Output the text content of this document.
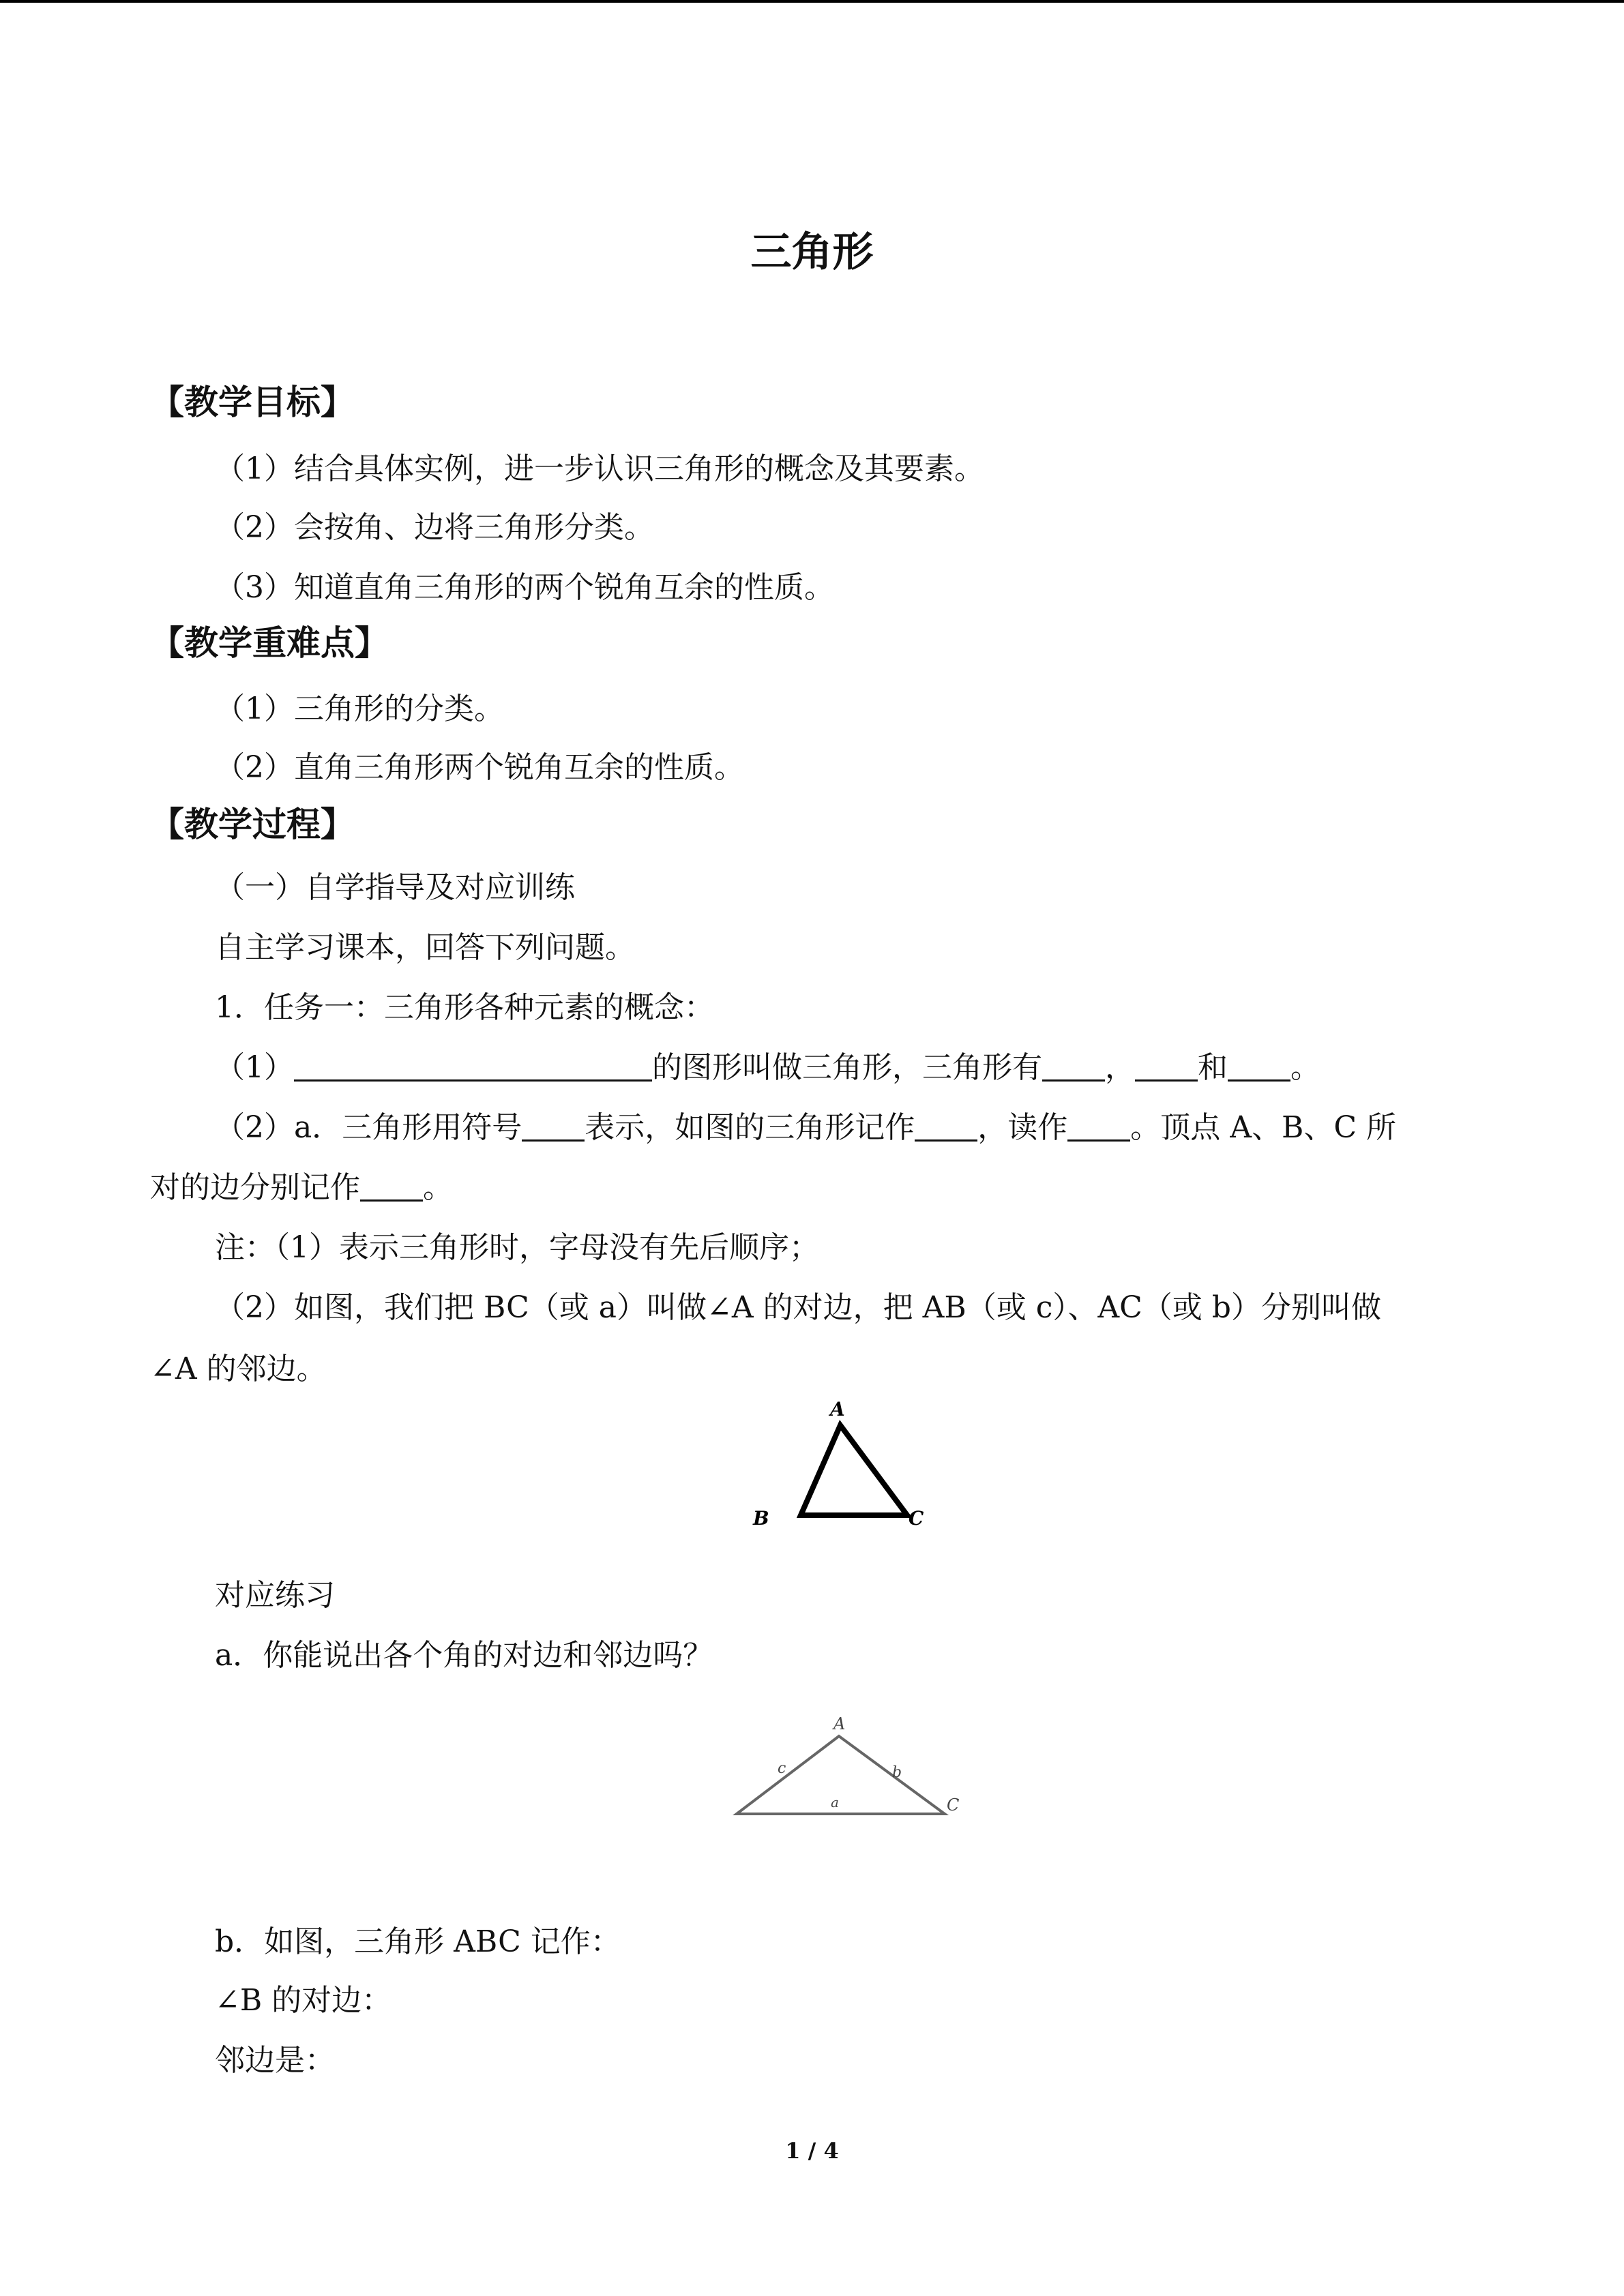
三角形
【教学目标】
（1）结合具体实例，进一步认识三角形的概念及其要素。
（2）会按角、边将三角形分类。
（3）知道直角三角形的两个锐角互余的性质。
【教学重难点】
（1）三角形的分类。
（2）直角三角形两个锐角互余的性质。
【教学过程】
（一）自学指导及对应训练
自主学习课本，回答下列问题。
1．任务一：三角形各种元素的概念：
（1）	的图形叫做三角形，三角形有 ， 和 。
（2）a．三角形用符号 表示，如图的三角形记作 ，读作 。顶点 A、B、C 所
对的边分别记作 。
注：（1）表示三角形时，字母没有先后顺序；
（2）如图，我们把 BC（或 a）叫做∠A 的对边，把 AB（或 c）、AC（或 b）分别叫做
∠A 的邻边。
A
B	C
对应练习
a．你能说出各个角的对边和邻边吗？
A
C
c	b
a
b．如图，三角形 ABC 记作：
∠B 的对边：
邻边是：
1 / 4
